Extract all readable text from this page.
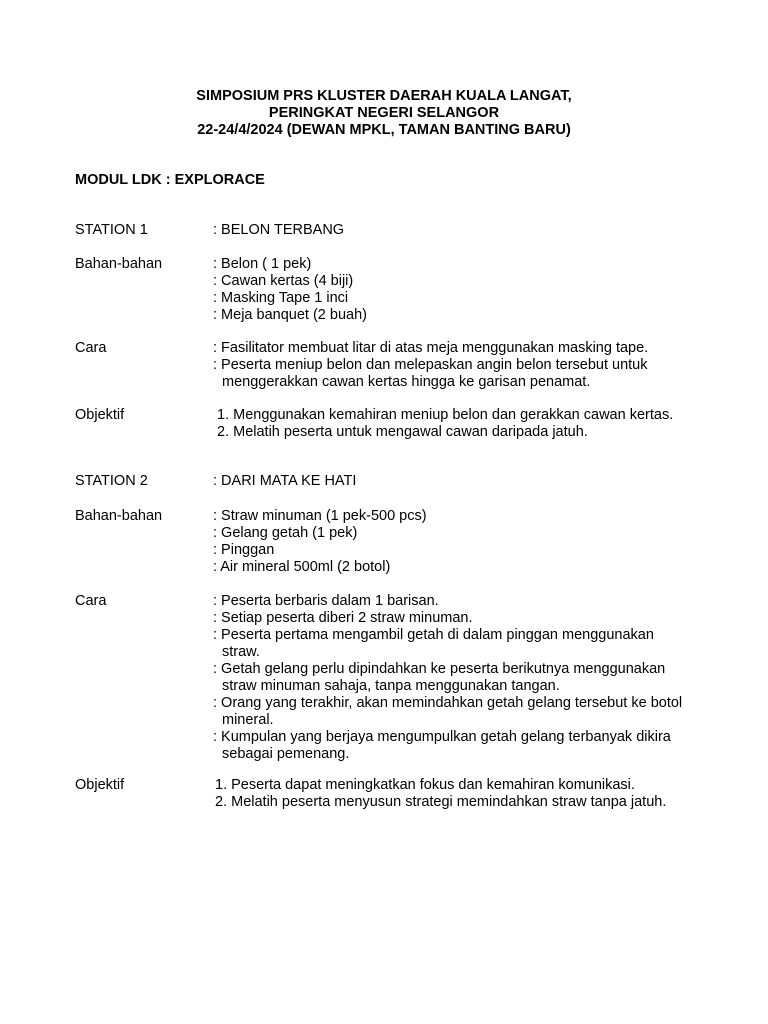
SIMPOSIUM PRS KLUSTER DAERAH KUALA LANGAT,
PERINGKAT NEGERI SELANGOR
22-24/4/2024 (DEWAN MPKL, TAMAN BANTING BARU)
MODUL LDK : EXPLORACE
STATION 1	: BELON TERBANG
Bahan-bahan	: Belon ( 1 pek)
: Cawan kertas (4 biji)
: Masking Tape 1 inci
: Meja banquet (2 buah)
Cara	: Fasilitator membuat litar di atas meja menggunakan masking tape.
: Peserta meniup belon dan melepaskan angin belon tersebut untuk
menggerakkan cawan kertas hingga ke garisan penamat.
Objektif	1. Menggunakan kemahiran meniup belon dan gerakkan cawan kertas.
2. Melatih peserta untuk mengawal cawan daripada jatuh.
STATION 2	: DARI MATA KE HATI
Bahan-bahan	: Straw minuman (1 pek-500 pcs)
: Gelang getah (1 pek)
: Pinggan
: Air mineral 500ml (2 botol)
Cara	: Peserta berbaris dalam 1 barisan.
: Setiap peserta diberi 2 straw minuman.
: Peserta pertama mengambil getah di dalam pinggan menggunakan
straw.
: Getah gelang perlu dipindahkan ke peserta berikutnya menggunakan
straw minuman sahaja, tanpa menggunakan tangan.
: Orang yang terakhir, akan memindahkan getah gelang tersebut ke botol
mineral.
: Kumpulan yang berjaya mengumpulkan getah gelang terbanyak dikira
sebagai pemenang.
Objektif	1. Peserta dapat meningkatkan fokus dan kemahiran komunikasi.
2. Melatih peserta menyusun strategi memindahkan straw tanpa jatuh.
